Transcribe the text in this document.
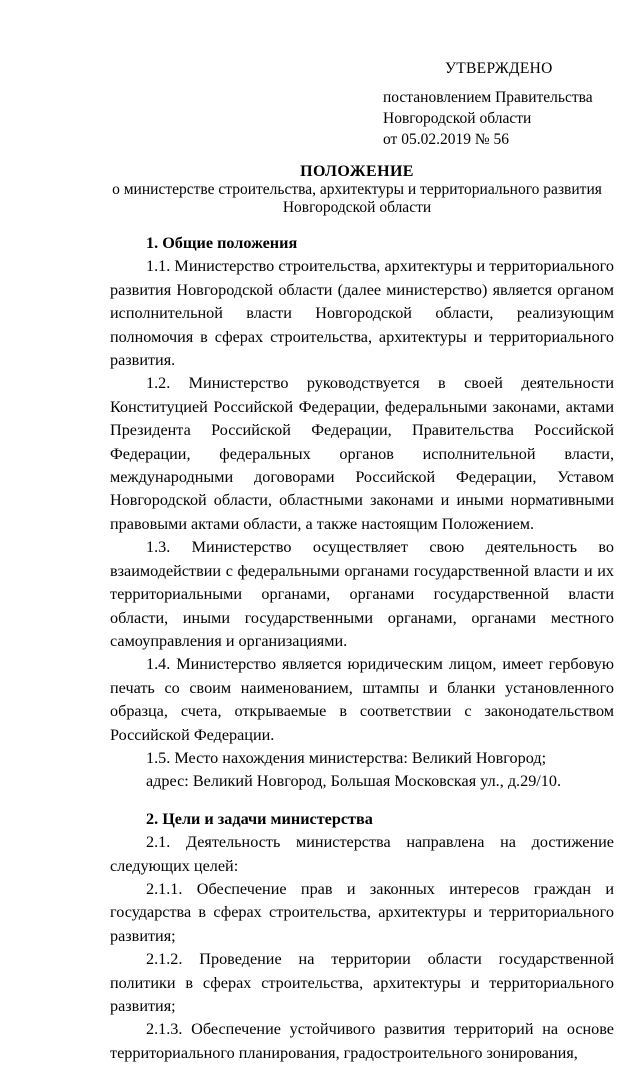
УТВЕРЖДЕНО
постановлением Правительства
Новгородской области
от 05.02.2019 № 56
ПОЛОЖЕНИЕ
о министерстве строительства, архитектуры и территориального развития Новгородской области

1. Общие положения

1.1. Министерство строительства, архитектуры и территориального развития Новгородской области (далее министерство) является органом исполнительной власти Новгородской области, реализующим полномочия в сферах строительства, архитектуры и территориального развития.

1.2. Министерство руководствуется в своей деятельности Конституцией Российской Федерации, федеральными законами, актами Президента Российской Федерации, Правительства Российской Федерации, федеральных органов исполнительной власти, международными договорами Российской Федерации, Уставом Новгородской области, областными законами и иными нормативными правовыми актами области, а также настоящим Положением.

1.3. Министерство осуществляет свою деятельность во взаимодействии с федеральными органами государственной власти и их территориальными органами, органами государственной власти области, иными государственными органами, органами местного самоуправления и организациями.

1.4. Министерство является юридическим лицом, имеет гербовую печать со своим наименованием, штампы и бланки установленного образца, счета, открываемые в соответствии с законодательством Российской Федерации.

1.5. Место нахождения министерства: Великий Новгород;

адрес: Великий Новгород, Большая Московская ул., д.29/10.

2. Цели и задачи министерства

2.1. Деятельность министерства направлена на достижение следующих целей:

2.1.1. Обеспечение прав и законных интересов граждан и государства в сферах строительства, архитектуры и территориального развития;

2.1.2. Проведение на территории области государственной политики в сферах строительства, архитектуры и территориального развития;

2.1.3. Обеспечение устойчивого развития территорий на основе территориального планирования, градостроительного зонирования,
